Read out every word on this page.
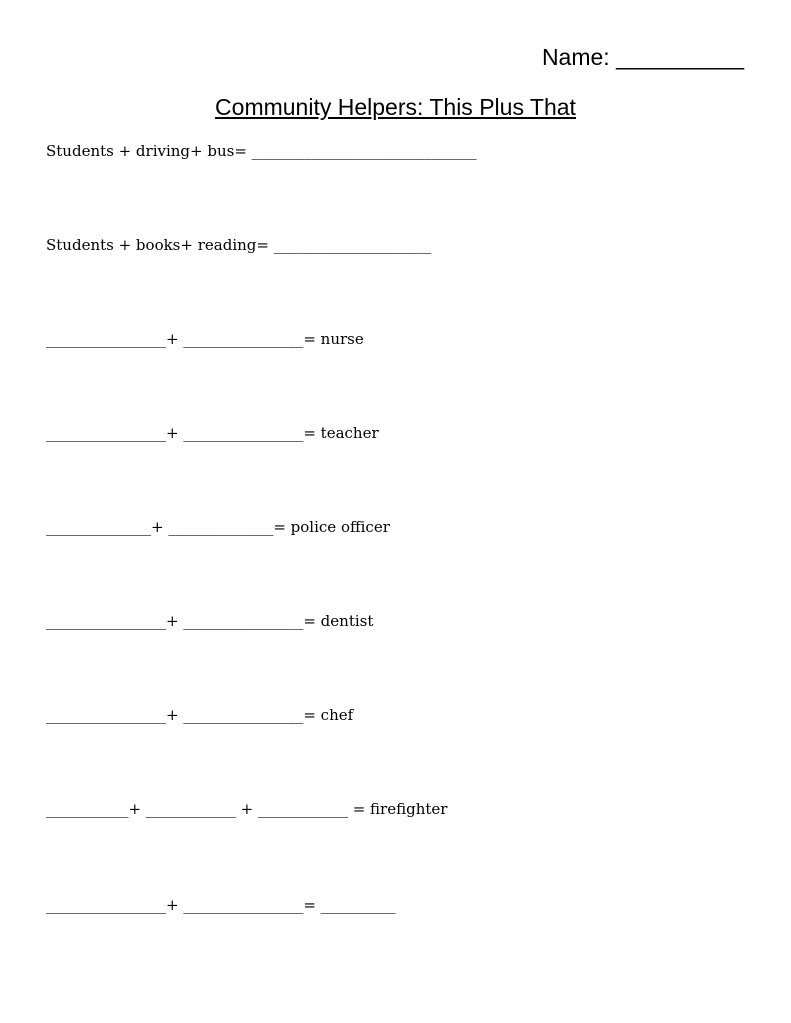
Name: __________
Community Helpers: This Plus That
Students + driving+ bus= ______________________________
Students + books+ reading= _____________________
________________+ ________________= nurse
________________+ ________________= teacher
______________+ ______________= police officer
________________+ ________________= dentist
________________+ ________________= chef
___________+ ____________ + ____________ = firefighter
________________+ ________________= __________
